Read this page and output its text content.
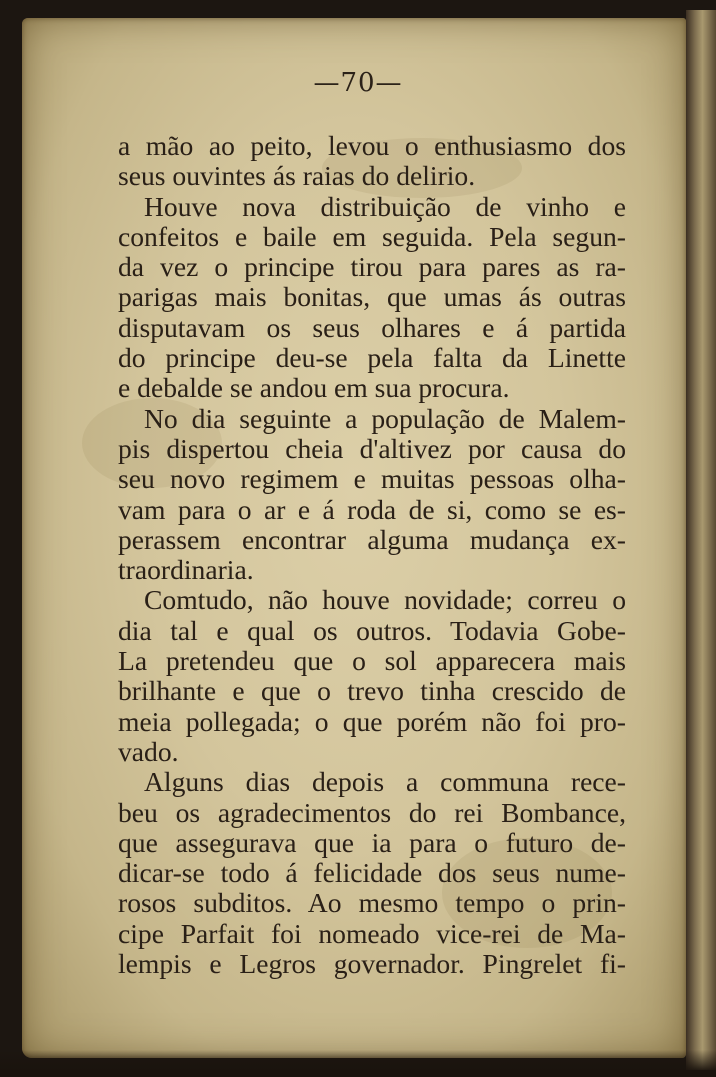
—70—
a mão ao peito, levou o enthusiasmo dos
seus ouvintes ás raias do delirio.
Houve nova distribuição de vinho e
confeitos e baile em seguida. Pela segun-
da vez o principe tirou para pares as ra-
parigas mais bonitas, que umas ás outras
disputavam os seus olhares e á partida
do principe deu-se pela falta da Linette
e debalde se andou em sua procura.
No dia seguinte a população de Malem-
pis dispertou cheia d'altivez por causa do
seu novo regimem e muitas pessoas olha-
vam para o ar e á roda de si, como se es-
perassem encontrar alguma mudança ex-
traordinaria.
Comtudo, não houve novidade; correu o
dia tal e qual os outros. Todavia Gobe-
La pretendeu que o sol apparecera mais
brilhante e que o trevo tinha crescido de
meia pollegada; o que porém não foi pro-
vado.
Alguns dias depois a communa rece-
beu os agradecimentos do rei Bombance,
que assegurava que ia para o futuro de-
dicar-se todo á felicidade dos seus nume-
rosos subditos. Ao mesmo tempo o prin-
cipe Parfait foi nomeado vice-rei de Ma-
lempis e Legros governador. Pingrelet fi-
